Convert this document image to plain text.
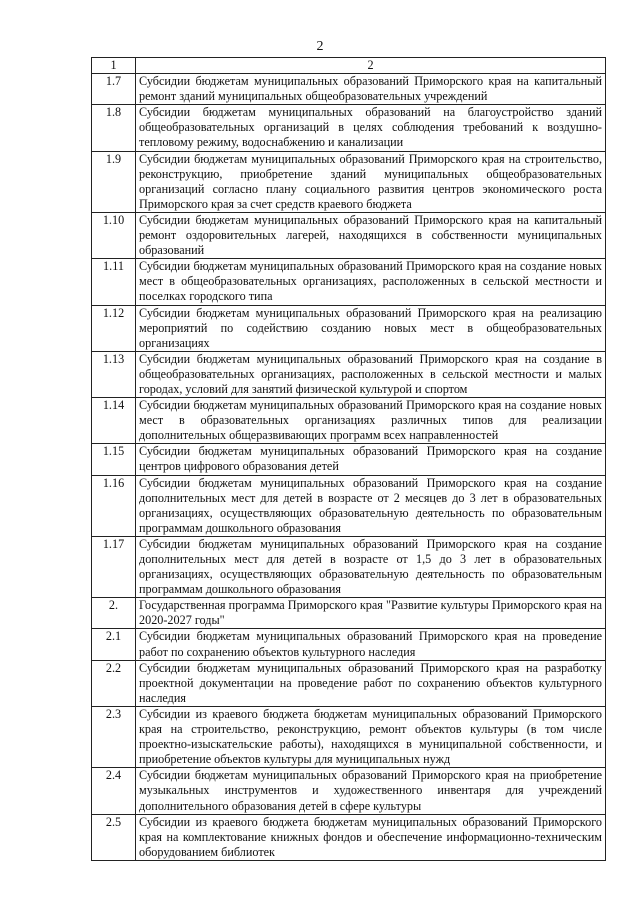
2
1	2
1.7	Субсидии бюджетам муниципальных образований Приморского края на капитальный ремонт зданий муниципальных общеобразовательных учреждений
1.8	Субсидии бюджетам муниципальных образований на благоустройство зданий общеобразовательных организаций в целях соблюдения требований к воздушно-тепловому режиму, водоснабжению и канализации
1.9	Субсидии бюджетам муниципальных образований Приморского края на строительство, реконструкцию, приобретение зданий муниципальных общеобразовательных организаций согласно плану социального развития центров экономического роста Приморского края за счет средств краевого бюджета
1.10	Субсидии бюджетам муниципальных образований Приморского края на капитальный ремонт оздоровительных лагерей, находящихся в собственности муниципальных образований
1.11	Субсидии бюджетам муниципальных образований Приморского края на создание новых мест в общеобразовательных организациях, расположенных в сельской местности и поселках городского типа
1.12	Субсидии бюджетам муниципальных образований Приморского края на реализацию мероприятий по содействию созданию новых мест в общеобразовательных организациях
1.13	Субсидии бюджетам муниципальных образований Приморского края на создание в общеобразовательных организациях, расположенных в сельской местности и малых городах, условий для занятий физической культурой и спортом
1.14	Субсидии бюджетам муниципальных образований Приморского края на создание новых мест в образовательных организациях различных типов для реализации дополнительных общеразвивающих программ всех направленностей
1.15	Субсидии бюджетам муниципальных образований Приморского края на создание центров цифрового образования детей
1.16	Субсидии бюджетам муниципальных образований Приморского края на создание дополнительных мест для детей в возрасте от 2 месяцев до 3 лет в образовательных организациях, осуществляющих образовательную деятельность по образовательным программам дошкольного образования
1.17	Субсидии бюджетам муниципальных образований Приморского края на создание дополнительных мест для детей в возрасте от 1,5 до 3 лет в образовательных организациях, осуществляющих образовательную деятельность по образовательным программам дошкольного образования
2.	Государственная программа Приморского края "Развитие культуры Приморского края на 2020-2027 годы"
2.1	Субсидии бюджетам муниципальных образований Приморского края на проведение работ по сохранению объектов культурного наследия
2.2	Субсидии бюджетам муниципальных образований Приморского края на разработку проектной документации на проведение работ по сохранению объектов культурного наследия
2.3	Субсидии из краевого бюджета бюджетам муниципальных образований Приморского края на строительство, реконструкцию, ремонт объектов культуры (в том числе проектно-изыскательские работы), находящихся в муниципальной собственности, и приобретение объектов культуры для муниципальных нужд
2.4	Субсидии бюджетам муниципальных образований Приморского края на приобретение музыкальных инструментов и художественного инвентаря для учреждений дополнительного образования детей в сфере культуры
2.5	Субсидии из краевого бюджета бюджетам муниципальных образований Приморского края на комплектование книжных фондов и обеспечение информационно-техническим оборудованием библиотек
